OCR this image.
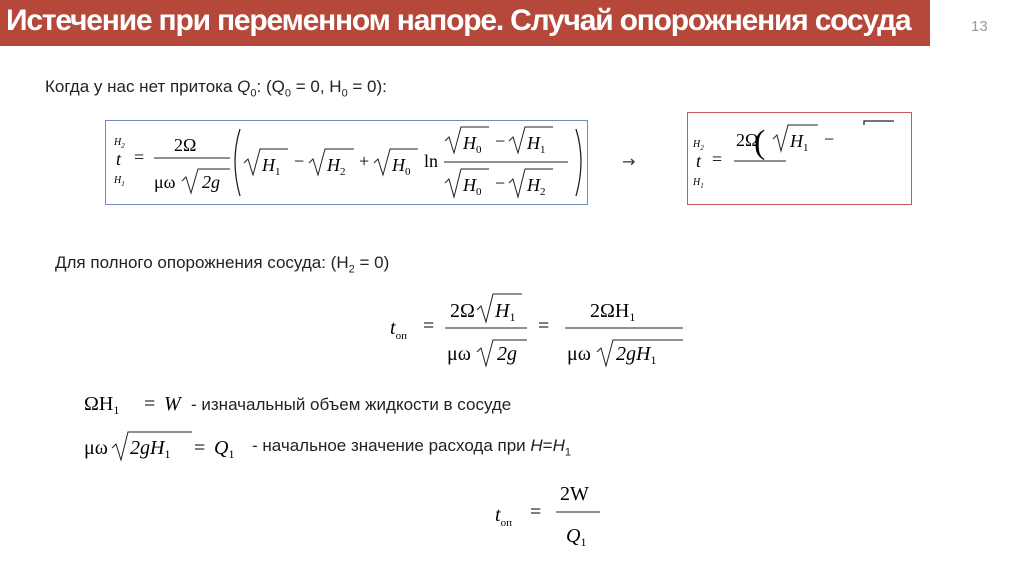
Истечение при переменном напоре. Случай опорожнения сосуда	13
Когда у нас нет притока $Q_0$: ($Q_0 = 0$, $H_0 = 0$):
$H_2$
t
$H_1$
=
2Ω
μω 2g
$H_1$
− $H_2$
+ $H_0$
ln
$H_0 - H_1$
$H_0 - H_2$
→
$H_2$
t
$H_1$
=
2Ω
( $H_1$ −
Для полного опорожнения сосуда: $(H_2 = 0)$
$t_{оп}$ =
2Ω $H_1$
μω 2g
=
$2\Omega H_1$
μω $2gH_1$
$\Omega H_1 = W$ - изначальный объем жидкости в сосуде
μω $2gH_1 = Q_1$ - начальное значение расхода при $H=H_1$
$t_{оп}$ =
2W
$Q_1$
